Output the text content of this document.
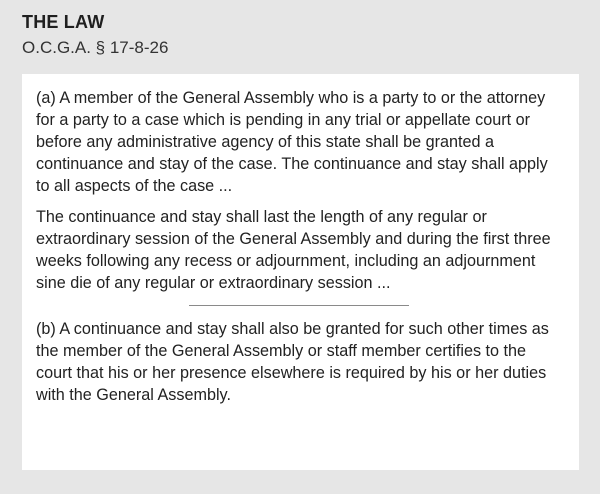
THE LAW
O.C.G.A. § 17-8-26

(a) A member of the General Assembly who is a party to or the attorney for a party to a case which is pending in any trial or appellate court or before any administrative agency of this state shall be granted a continuance and stay of the case. The continuance and stay shall apply to all aspects of the case ...

The continuance and stay shall last the length of any regular or extraordinary session of the General Assembly and during the first three weeks following any recess or adjournment, including an adjournment sine die of any regular or extraordinary session ...

(b) A continuance and stay shall also be granted for such other times as the member of the General Assembly or staff member certifies to the court that his or her presence elsewhere is required by his or her duties with the General Assembly.
